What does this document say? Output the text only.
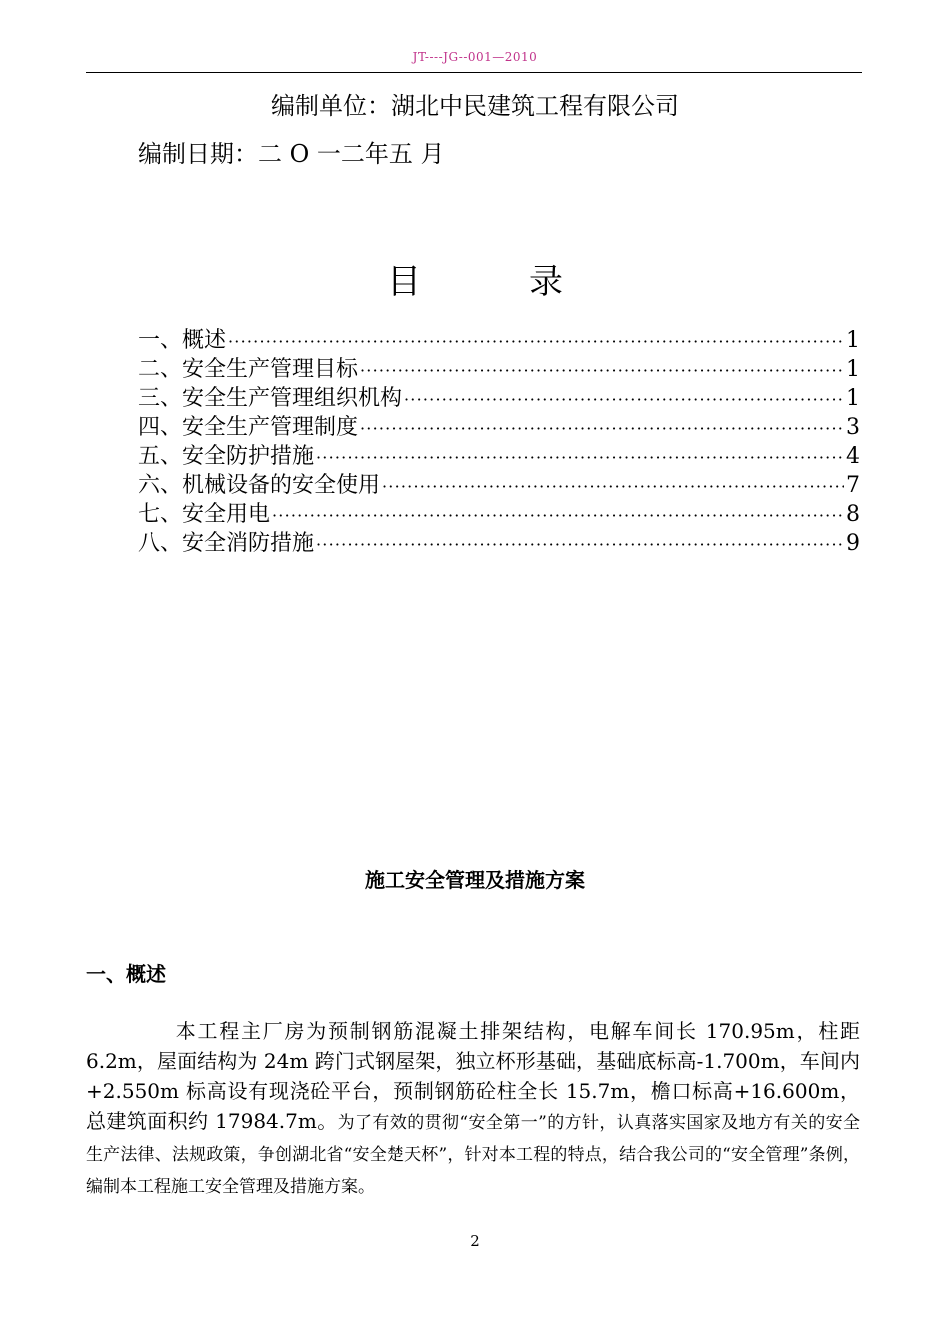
JT----JG--001—2010
编制单位：湖北中民建筑工程有限公司
编制日期：二 O 一二年五 月
目          录
一、概述 ·····	1
二、安全生产管理目标 ·····	1
三、安全生产管理组织机构 ·····	1
四、安全生产管理制度 ·····	3
五、安全防护措施 ·····	4
六、机械设备的安全使用 ·····	7
七、安全用电 ·····	8
八、安全消防措施 ·····	9
施工安全管理及措施方案
一、概述

本工程主厂房为预制钢筋混凝土排架结构，电解车间长 170.95m，柱距 6.2m，屋面结构为 24m 跨门式钢屋架，独立杯形基础，基础底标高-1.700m，车间内+2.550m 标高设有现浇砼平台，预制钢筋砼柱全长 15.7m，檐口标高+16.600m，总建筑面积约 17984.7m。为了有效的贯彻“安全第一”的方针，认真落实国家及地方有关的安全生产法律、法规政策，争创湖北省“安全楚天杯”，针对本工程的特点，结合我公司的“安全管理”条例，编制本工程施工安全管理及措施方案。

2
